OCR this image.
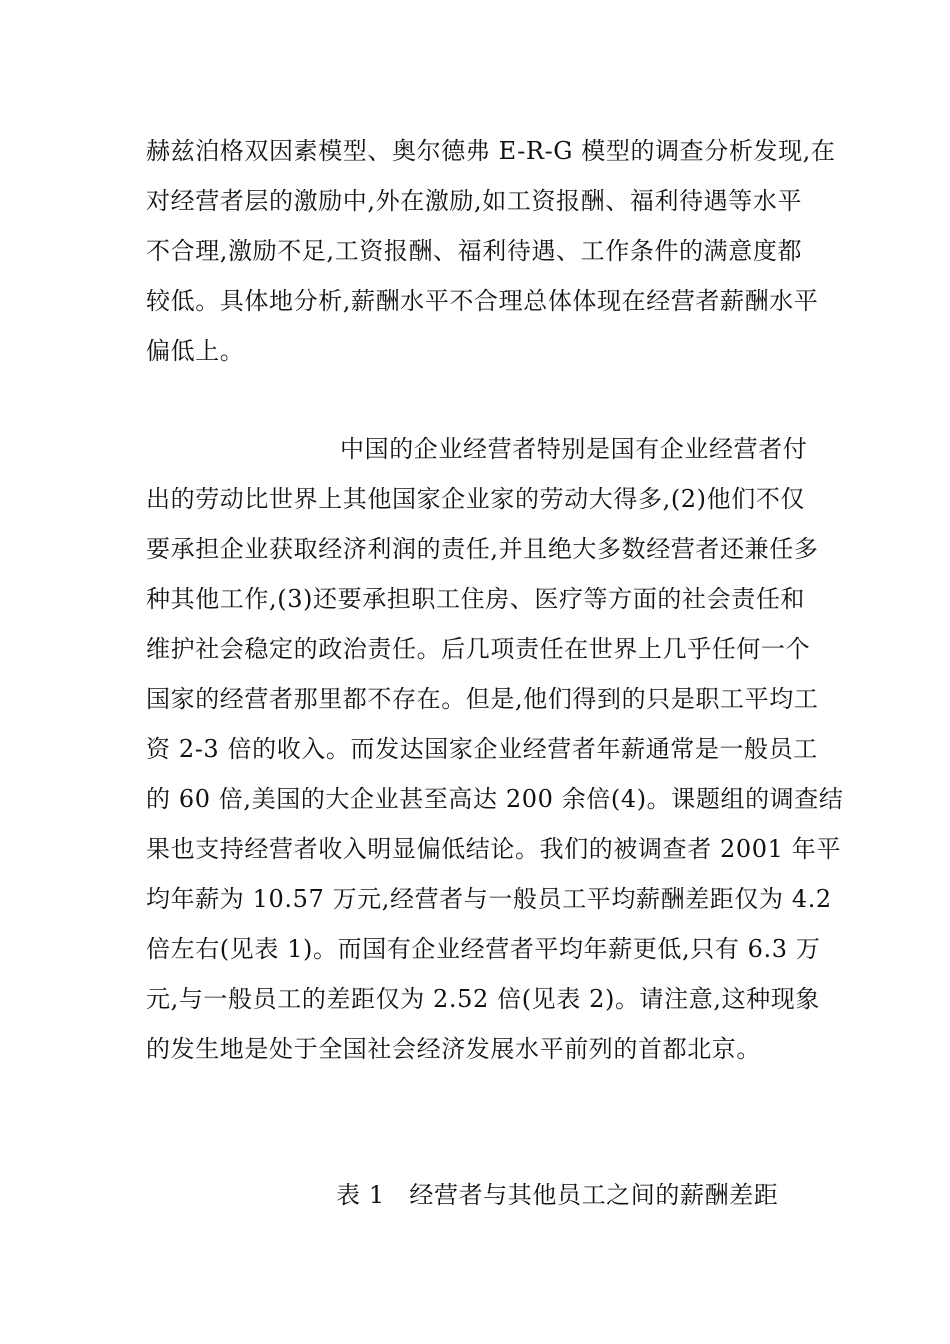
赫兹泊格双因素模型、奥尔德弗 E-R-G 模型的调查分析发现,在
对经营者层的激励中,外在激励,如工资报酬、福利待遇等水平
不合理,激励不足,工资报酬、福利待遇、工作条件的满意度都
较低。具体地分析,薪酬水平不合理总体体现在经营者薪酬水平
偏低上。
中国的企业经营者特别是国有企业经营者付
出的劳动比世界上其他国家企业家的劳动大得多,(2)他们不仅
要承担企业获取经济利润的责任,并且绝大多数经营者还兼任多
种其他工作,(3)还要承担职工住房、医疗等方面的社会责任和
维护社会稳定的政治责任。后几项责任在世界上几乎任何一个
国家的经营者那里都不存在。但是,他们得到的只是职工平均工
资 2-3 倍的收入。而发达国家企业经营者年薪通常是一般员工
的 60 倍,美国的大企业甚至高达 200 余倍(4)。课题组的调查结
果也支持经营者收入明显偏低结论。我们的被调查者 2001 年平
均年薪为 10.57 万元,经营者与一般员工平均薪酬差距仅为 4.2
倍左右(见表 1)。而国有企业经营者平均年薪更低,只有 6.3 万
元,与一般员工的差距仅为 2.52 倍(见表 2)。请注意,这种现象
的发生地是处于全国社会经济发展水平前列的首都北京。
表 1   经营者与其他员工之间的薪酬差距
